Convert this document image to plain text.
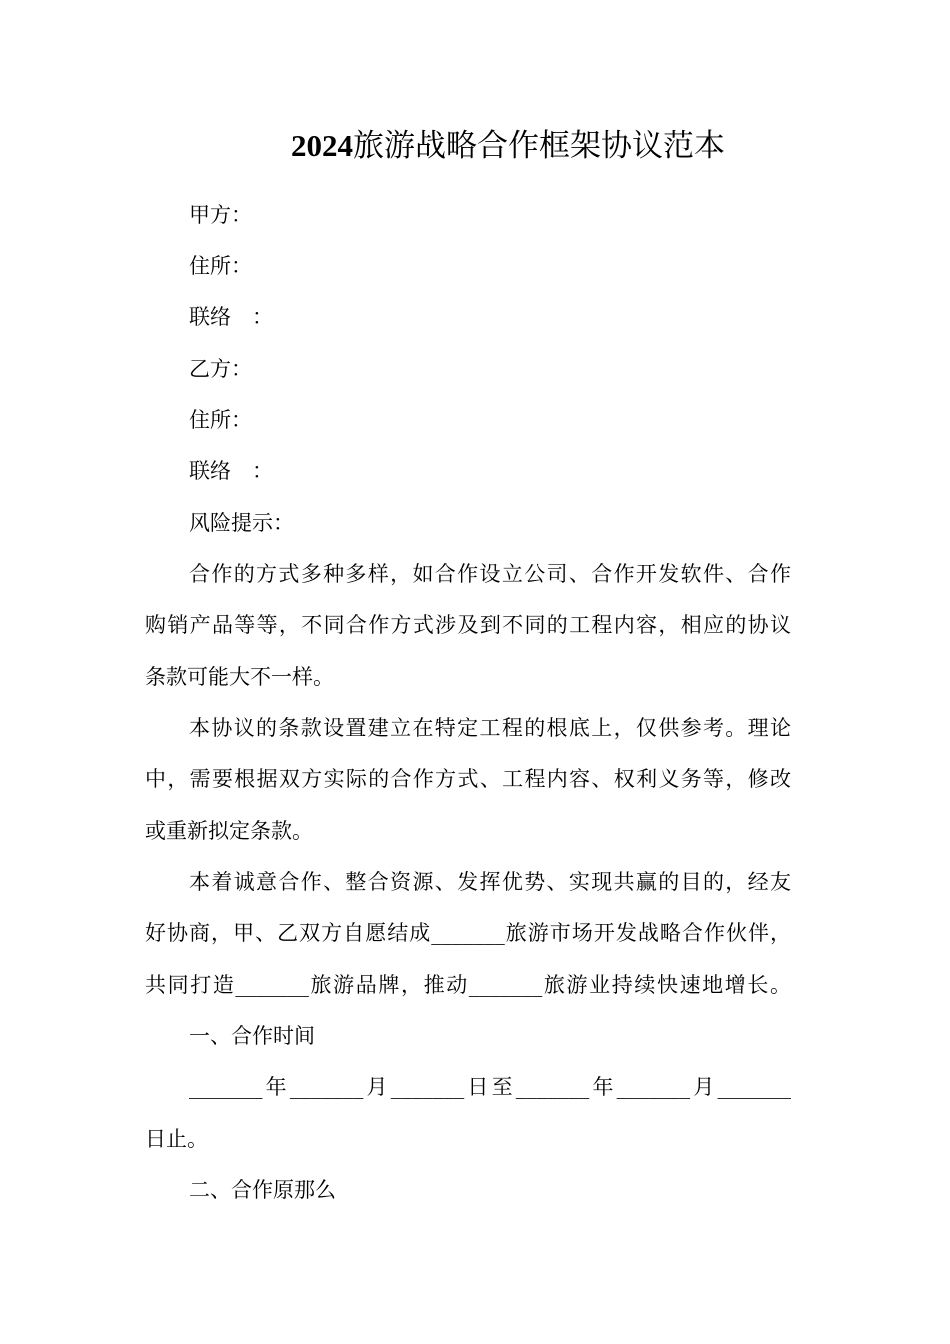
2024旅游战略合作框架协议范本

甲方：

住所：

联络　：

乙方：

住所：

联络　：

风险提示：

合作的方式多种多样，如合作设立公司、合作开发软件、合作

购销产品等等，不同合作方式涉及到不同的工程内容，相应的协议

条款可能大不一样。

本协议的条款设置建立在特定工程的根底上，仅供参考。理论

中，需要根据双方实际的合作方式、工程内容、权利义务等，修改

或重新拟定条款。

本着诚意合作、整合资源、发挥优势、实现共赢的目的，经友

好协商，甲、乙双方自愿结成_______旅游市场开发战略合作伙伴，

共同打造_______旅游品牌，推动_______旅游业持续快速地增长。

一、合作时间

_______年_______月_______日至_______年_______月_______

日止。

二、合作原那么
